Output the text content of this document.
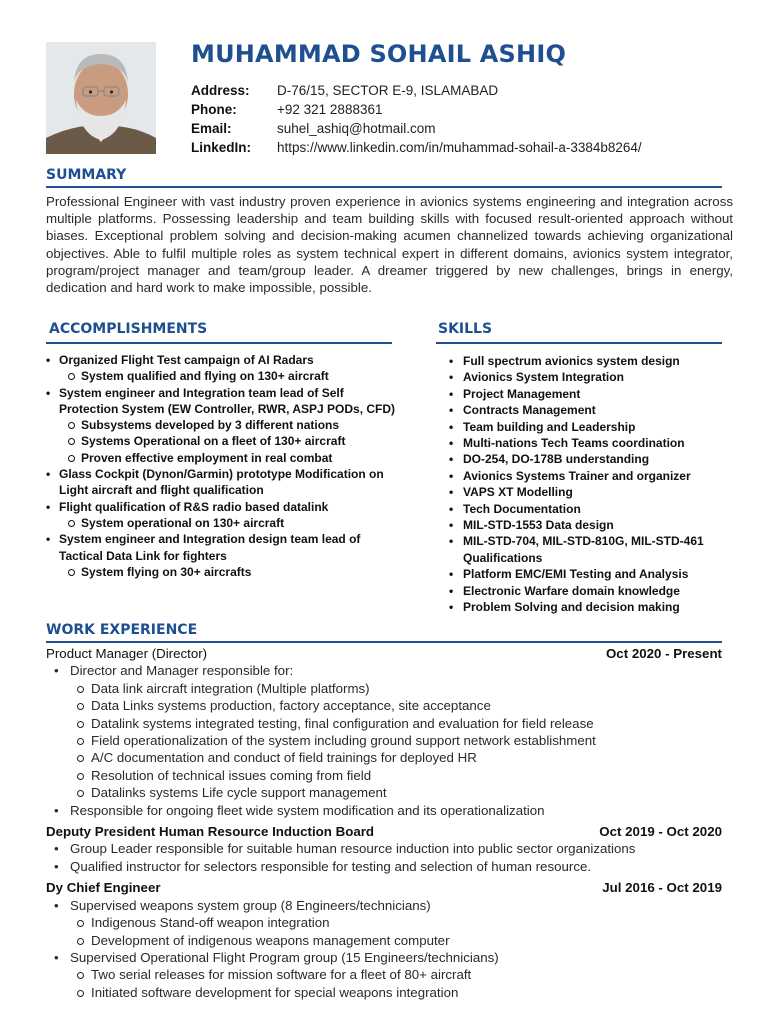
MUHAMMAD SOHAIL ASHIQ
Address:	D-76/15, SECTOR E-9, ISLAMABAD
Phone:	+92 321 2888361
Email:	suhel_ashiq@hotmail.com
LinkedIn:	https://www.linkedin.com/in/muhammad-sohail-a-3384b8264/
SUMMARY
Professional Engineer with vast industry proven experience in avionics systems engineering and integration across multiple platforms. Possessing leadership and team building skills with focused result-oriented approach without biases. Exceptional problem solving and decision-making acumen channelized towards achieving organizational objectives. Able to fulfil multiple roles as system technical expert in different domains, avionics system integrator, program/project manager and team/group leader. A dreamer triggered by new challenges, brings in energy, dedication and hard work to make impossible, possible.
ACCOMPLISHMENTS
• Organized Flight Test campaign of AI Radars
System qualified and flying on 130+ aircraft
• System engineer and Integration team lead of Self Protection System (EW Controller, RWR, ASPJ PODs, CFD)
Subsystems developed by 3 different nations
Systems Operational on a fleet of 130+ aircraft
Proven effective employment in real combat
• Glass Cockpit (Dynon/Garmin) prototype Modification on Light aircraft and flight qualification
• Flight qualification of R&S radio based datalink
System operational on 130+ aircraft
• System engineer and Integration design team lead of Tactical Data Link for fighters
System flying on 30+ aircrafts
SKILLS
• Full spectrum avionics system design
• Avionics System Integration
• Project Management
• Contracts Management
• Team building and Leadership
• Multi-nations Tech Teams coordination
• DO-254, DO-178B understanding
• Avionics Systems Trainer and organizer
• VAPS XT Modelling
• Tech Documentation
• MIL-STD-1553 Data design
• MIL-STD-704, MIL-STD-810G, MIL-STD-461 Qualifications
• Platform EMC/EMI Testing and Analysis
• Electronic Warfare domain knowledge
• Problem Solving and decision making
WORK EXPERIENCE
Product Manager (Director)	Oct 2020 - Present
• Director and Manager responsible for:
Data link aircraft integration (Multiple platforms)
Data Links systems production, factory acceptance, site acceptance
Datalink systems integrated testing, final configuration and evaluation for field release
Field operationalization of the system including ground support network establishment
A/C documentation and conduct of field trainings for deployed HR
Resolution of technical issues coming from field
Datalinks systems Life cycle support management
• Responsible for ongoing fleet wide system modification and its operationalization
Deputy President Human Resource Induction Board	Oct 2019 - Oct 2020
• Group Leader responsible for suitable human resource induction into public sector organizations
• Qualified instructor for selectors responsible for testing and selection of human resource.
Dy Chief Engineer	Jul 2016 - Oct 2019
• Supervised weapons system group (8 Engineers/technicians)
Indigenous Stand-off weapon integration
Development of indigenous weapons management computer
• Supervised Operational Flight Program group (15 Engineers/technicians)
Two serial releases for mission software for a fleet of 80+ aircraft
Initiated software development for special weapons integration
